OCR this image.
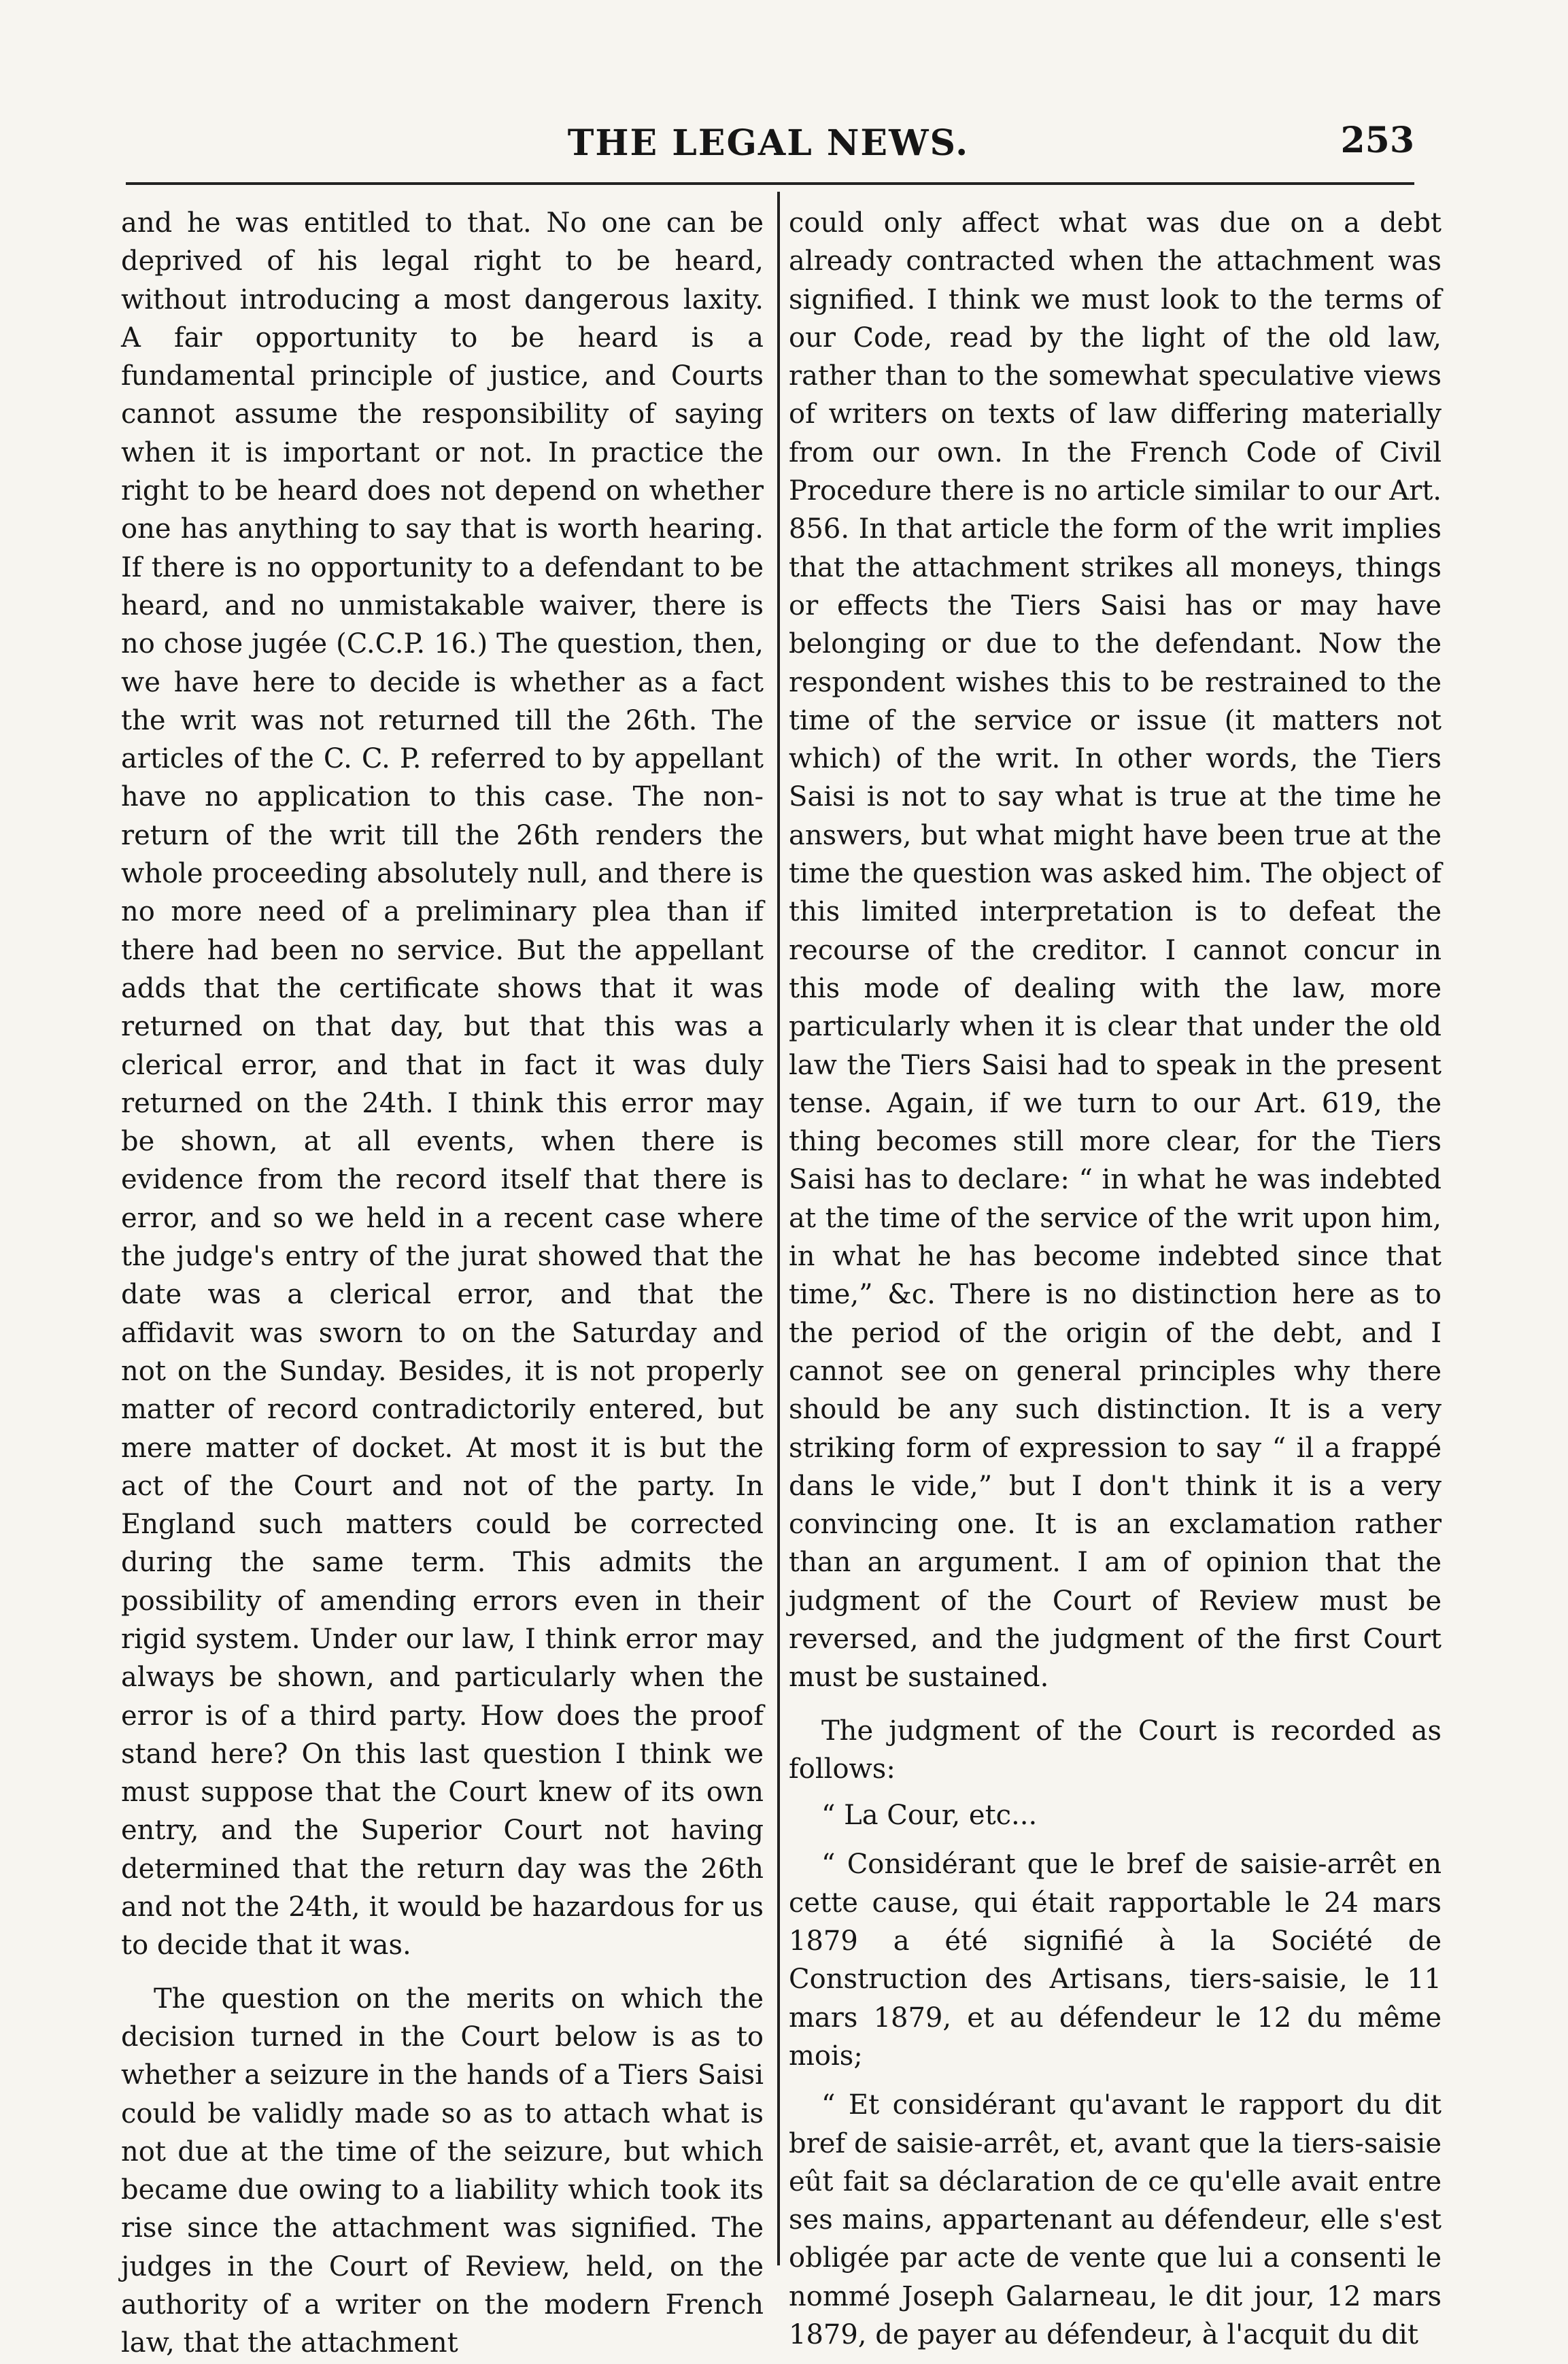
THE LEGAL NEWS.	253

and he was entitled to that. No one can be deprived of his legal right to be heard, without introducing a most dangerous laxity. A fair opportunity to be heard is a fundamental principle of justice, and Courts cannot assume the responsibility of saying when it is important or not. In practice the right to be heard does not depend on whether one has anything to say that is worth hearing. If there is no opportunity to a defendant to be heard, and no unmistakable waiver, there is no chose jugée (C.C.P. 16.) The question, then, we have here to decide is whether as a fact the writ was not returned till the 26th. The articles of the C. C. P. referred to by appellant have no application to this case. The non-return of the writ till the 26th renders the whole proceeding absolutely null, and there is no more need of a preliminary plea than if there had been no service. But the appellant adds that the certificate shows that it was returned on that day, but that this was a clerical error, and that in fact it was duly returned on the 24th. I think this error may be shown, at all events, when there is evidence from the record itself that there is error, and so we held in a recent case where the judge's entry of the jurat showed that the date was a clerical error, and that the affidavit was sworn to on the Saturday and not on the Sunday. Besides, it is not properly matter of record contradictorily entered, but mere matter of docket. At most it is but the act of the Court and not of the party. In England such matters could be corrected during the same term. This admits the possibility of amending errors even in their rigid system. Under our law, I think error may always be shown, and particularly when the error is of a third party. How does the proof stand here? On this last question I think we must suppose that the Court knew of its own entry, and the Superior Court not having determined that the return day was the 26th and not the 24th, it would be hazardous for us to decide that it was.

The question on the merits on which the decision turned in the Court below is as to whether a seizure in the hands of a Tiers Saisi could be validly made so as to attach what is not due at the time of the seizure, but which became due owing to a liability which took its rise since the attachment was signified. The judges in the Court of Review, held, on the authority of a writer on the modern French law, that the attachment

could only affect what was due on a debt already contracted when the attachment was signified. I think we must look to the terms of our Code, read by the light of the old law, rather than to the somewhat speculative views of writers on texts of law differing materially from our own. In the French Code of Civil Procedure there is no article similar to our Art. 856. In that article the form of the writ implies that the attachment strikes all moneys, things or effects the Tiers Saisi has or may have belonging or due to the defendant. Now the respondent wishes this to be restrained to the time of the service or issue (it matters not which) of the writ. In other words, the Tiers Saisi is not to say what is true at the time he answers, but what might have been true at the time the question was asked him. The object of this limited interpretation is to defeat the recourse of the creditor. I cannot concur in this mode of dealing with the law, more particularly when it is clear that under the old law the Tiers Saisi had to speak in the present tense. Again, if we turn to our Art. 619, the thing becomes still more clear, for the Tiers Saisi has to declare: “ in what he was indebted at the time of the service of the writ upon him, in what he has become indebted since that time,” &c. There is no distinction here as to the period of the origin of the debt, and I cannot see on general principles why there should be any such distinction. It is a very striking form of expression to say “ il a frappé dans le vide,” but I don't think it is a very convincing one. It is an exclamation rather than an argument. I am of opinion that the judgment of the Court of Review must be reversed, and the judgment of the first Court must be sustained.

The judgment of the Court is recorded as follows:

“ La Cour, etc...

“ Considérant que le bref de saisie-arrêt en cette cause, qui était rapportable le 24 mars 1879 a été signifié à la Société de Construction des Artisans, tiers-saisie, le 11 mars 1879, et au défendeur le 12 du même mois;

“ Et considérant qu'avant le rapport du dit bref de saisie-arrêt, et, avant que la tiers-saisie eût fait sa déclaration de ce qu'elle avait entre ses mains, appartenant au défendeur, elle s'est obligée par acte de vente que lui a consenti le nommé Joseph Galarneau, le dit jour, 12 mars 1879, de payer au défendeur, à l'acquit du dit
